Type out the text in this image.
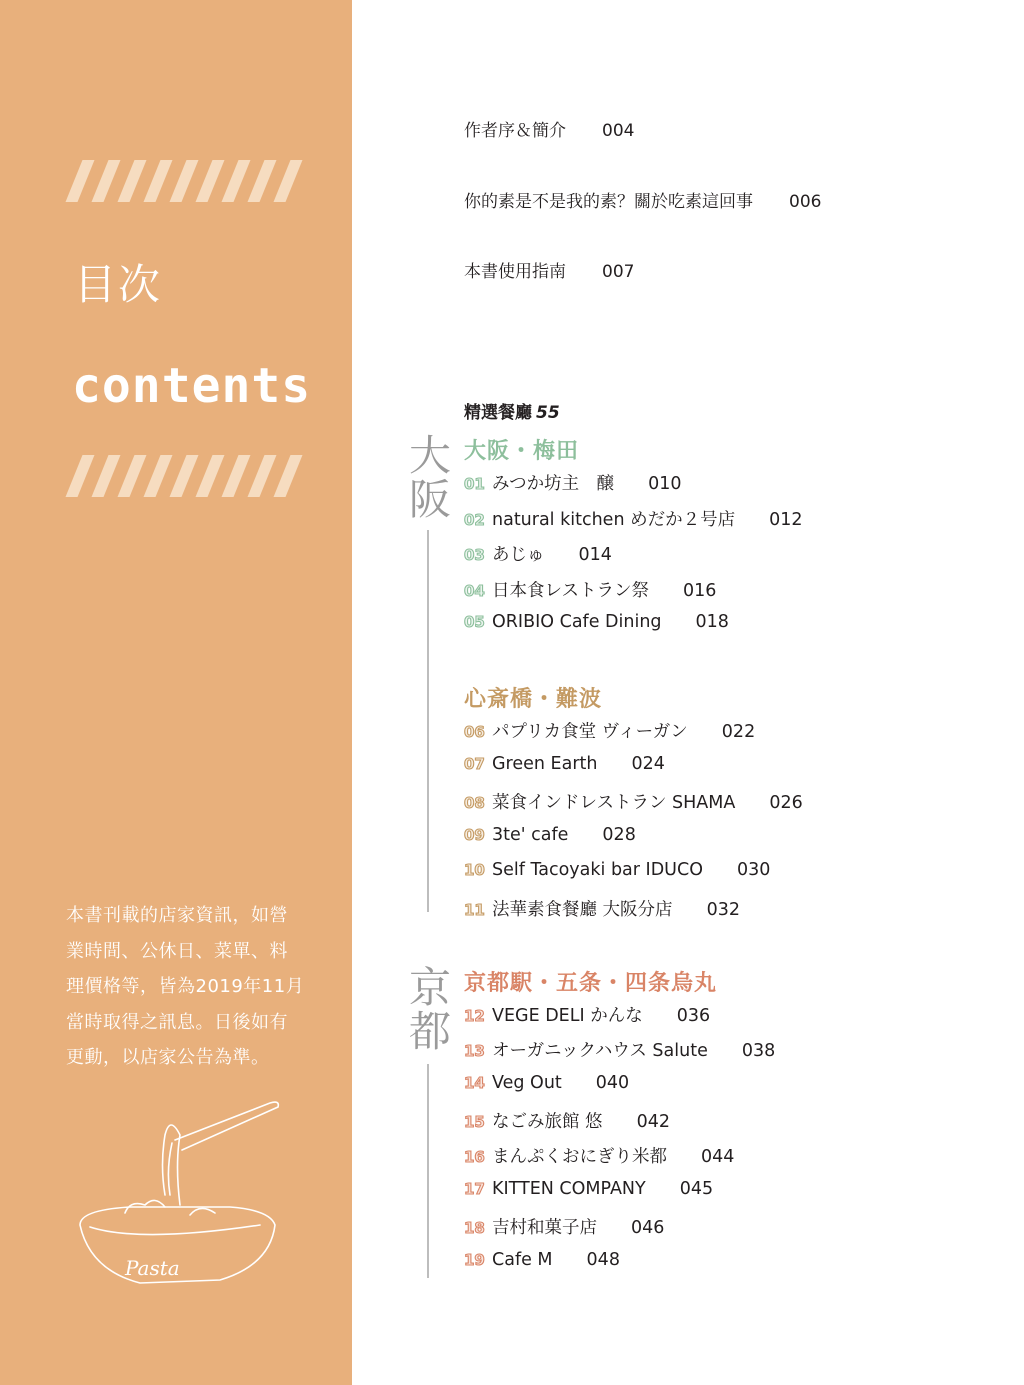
目次
contents
本書刊載的店家資訊，如營業時間、公休日、菜單、料理價格等，皆為2019年11月當時取得之訊息。日後如有更動，以店家公告為準。
Pasta
作者序＆簡介 004
你的素是不是我的素？關於吃素這回事 006
本書使用指南 007
精選餐廳 55
大
阪
京
都
大阪・梅田
01 みつか坊主　醸 010
02 natural kitchen めだか２号店 012
03 あじゅ 014
04 日本食レストラン祭 016
05 ORIBIO Cafe Dining 018
心斎橋・難波
06 パプリカ食堂 ヴィーガン 022
07 Green Earth 024
08 菜食インドレストラン SHAMA 026
09 3te' cafe 028
10 Self Tacoyaki bar IDUCO 030
11 法華素食餐廳 大阪分店 032
京都駅・五条・四条烏丸
12 VEGE DELI かんな 036
13 オーガニックハウス Salute 038
14 Veg Out 040
15 なごみ旅館 悠 042
16 まんぷくおにぎり米都 044
17 KITTEN COMPANY 045
18 吉村和菓子店 046
19 Cafe M 048
